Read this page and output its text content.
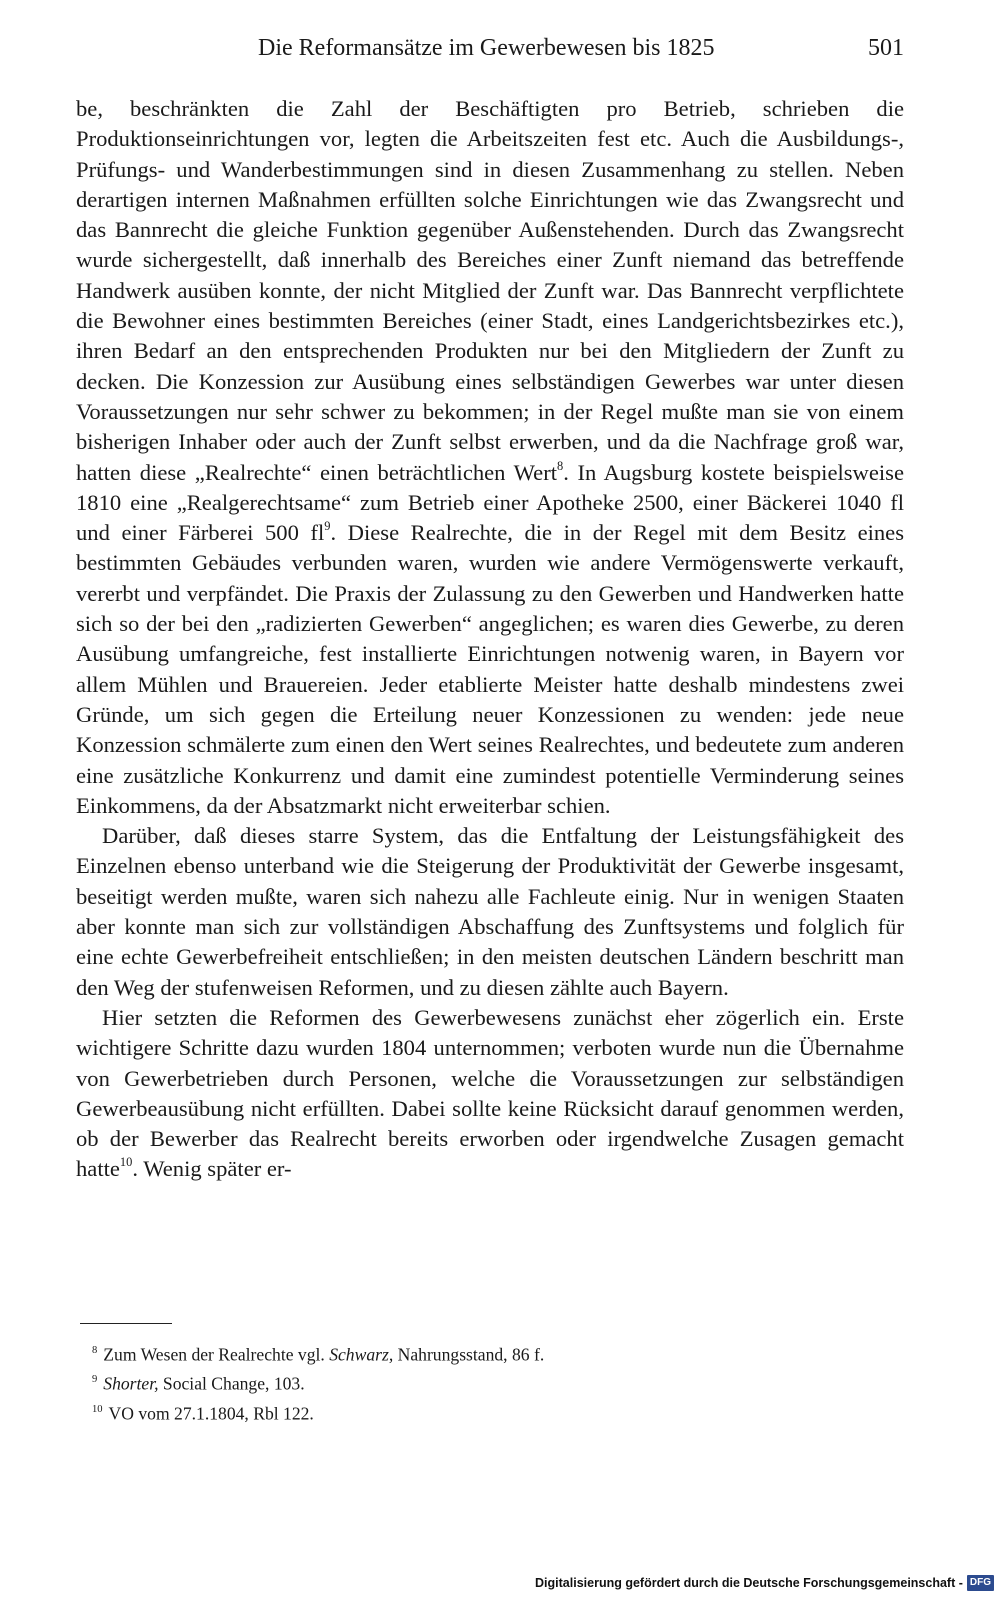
Die Reformansätze im Gewerbewesen bis 1825	501

be, beschränkten die Zahl der Beschäftigten pro Betrieb, schrieben die Produktionseinrichtungen vor, legten die Arbeitszeiten fest etc. Auch die Ausbildungs-, Prüfungs- und Wanderbestimmungen sind in diesen Zusammenhang zu stellen. Neben derartigen internen Maßnahmen erfüllten solche Einrichtungen wie das Zwangsrecht und das Bannrecht die gleiche Funktion gegenüber Außenstehenden. Durch das Zwangsrecht wurde sichergestellt, daß innerhalb des Bereiches einer Zunft niemand das betreffende Handwerk ausüben konnte, der nicht Mitglied der Zunft war. Das Bannrecht verpflichtete die Bewohner eines bestimmten Bereiches (einer Stadt, eines Landgerichtsbezirkes etc.), ihren Bedarf an den entsprechenden Produkten nur bei den Mitgliedern der Zunft zu decken. Die Konzession zur Ausübung eines selbständigen Gewerbes war unter diesen Voraussetzungen nur sehr schwer zu bekommen; in der Regel mußte man sie von einem bisherigen Inhaber oder auch der Zunft selbst erwerben, und da die Nachfrage groß war, hatten diese „Realrechte“ einen beträchtlichen Wert$^8$. In Augsburg kostete beispielsweise 1810 eine „Realgerechtsame“ zum Betrieb einer Apotheke 2500, einer Bäckerei 1040 fl und einer Färberei 500 $fl^9$. Diese Realrechte, die in der Regel mit dem Besitz eines bestimmten Gebäudes verbunden waren, wurden wie andere Vermögenswerte verkauft, vererbt und verpfändet. Die Praxis der Zulassung zu den Gewerben und Handwerken hatte sich so der bei den „radizierten Gewerben“ angeglichen; es waren dies Gewerbe, zu deren Ausübung umfangreiche, fest installierte Einrichtungen notwenig waren, in Bayern vor allem Mühlen und Brauereien. Jeder etablierte Meister hatte deshalb mindestens zwei Gründe, um sich gegen die Erteilung neuer Konzessionen zu wenden: jede neue Konzession schmälerte zum einen den Wert seines Realrechtes, und bedeutete zum anderen eine zusätzliche Konkurrenz und damit eine zumindest potentielle Verminderung seines Einkommens, da der Absatzmarkt nicht erweiterbar schien.

Darüber, daß dieses starre System, das die Entfaltung der Leistungsfähigkeit des Einzelnen ebenso unterband wie die Steigerung der Produktivität der Gewerbe insgesamt, beseitigt werden mußte, waren sich nahezu alle Fachleute einig. Nur in wenigen Staaten aber konnte man sich zur vollständigen Abschaffung des Zunftsystems und folglich für eine echte Gewerbefreiheit entschließen; in den meisten deutschen Ländern beschritt man den Weg der stufenweisen Reformen, und zu diesen zählte auch Bayern.

Hier setzten die Reformen des Gewerbewesens zunächst eher zögerlich ein. Erste wichtigere Schritte dazu wurden 1804 unternommen; verboten wurde nun die Übernahme von Gewerbetrieben durch Personen, welche die Voraussetzungen zur selbständigen Gewerbeausübung nicht erfüllten. Dabei sollte keine Rücksicht darauf genommen werden, ob der Bewerber das Realrecht bereits erworben oder irgendwelche Zusagen gemacht hatte$^{10}$. Wenig später er-

$^8$ Zum Wesen der Realrechte vgl. Schwarz, Nahrungsstand, 86 f.

$^9$ Shorter, Social Change, 103.

$^{10}$ VO vom 27.1.1804, Rbl 122.

Digitalisierung gefördert durch die Deutsche Forschungsgemeinschaft - DFG
